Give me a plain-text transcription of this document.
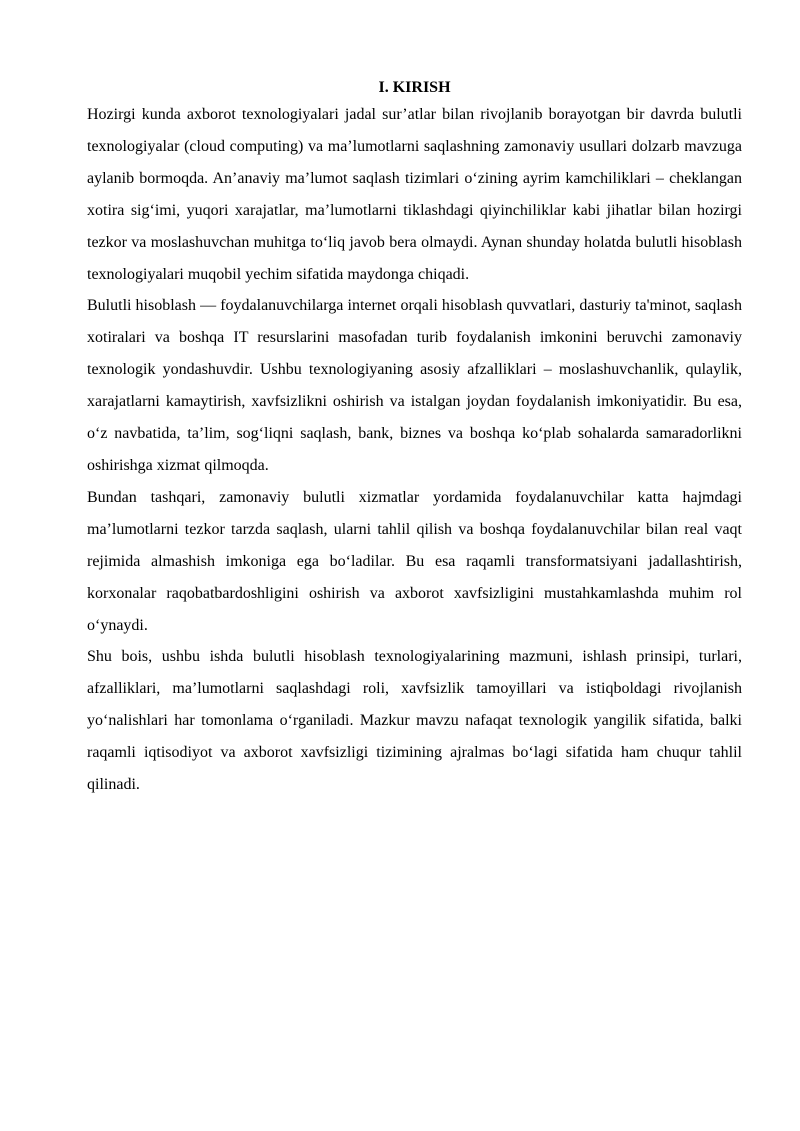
I. KIRISH

Hozirgi kunda axborot texnologiyalari jadal sur’atlar bilan rivojlanib borayotgan bir davrda bulutli texnologiyalar (cloud computing) va ma’lumotlarni saqlashning zamonaviy usullari dolzarb mavzuga aylanib bormoqda. An’anaviy ma’lumot saqlash tizimlari o‘zining ayrim kamchiliklari – cheklangan xotira sig‘imi, yuqori xarajatlar, ma’lumotlarni tiklashdagi qiyinchiliklar kabi jihatlar bilan hozirgi tezkor va moslashuvchan muhitga to‘liq javob bera olmaydi. Aynan shunday holatda bulutli hisoblash texnologiyalari muqobil yechim sifatida maydonga chiqadi.

Bulutli hisoblash — foydalanuvchilarga internet orqali hisoblash quvvatlari, dasturiy ta'minot, saqlash xotiralari va boshqa IT resurslarini masofadan turib foydalanish imkonini beruvchi zamonaviy texnologik yondashuvdir. Ushbu texnologiyaning asosiy afzalliklari – moslashuvchanlik, qulaylik, xarajatlarni kamaytirish, xavfsizlikni oshirish va istalgan joydan foydalanish imkoniyatidir. Bu esa, o‘z navbatida, ta’lim, sog‘liqni saqlash, bank, biznes va boshqa ko‘plab sohalarda samaradorlikni oshirishga xizmat qilmoqda.

Bundan tashqari, zamonaviy bulutli xizmatlar yordamida foydalanuvchilar katta hajmdagi ma’lumotlarni tezkor tarzda saqlash, ularni tahlil qilish va boshqa foydalanuvchilar bilan real vaqt rejimida almashish imkoniga ega bo‘ladilar. Bu esa raqamli transformatsiyani jadallashtirish, korxonalar raqobatbardoshligini oshirish va axborot xavfsizligini mustahkamlashda muhim rol o‘ynaydi.

Shu bois, ushbu ishda bulutli hisoblash texnologiyalarining mazmuni, ishlash prinsipi, turlari, afzalliklari, ma’lumotlarni saqlashdagi roli, xavfsizlik tamoyillari va istiqboldagi rivojlanish yo‘nalishlari har tomonlama o‘rganiladi. Mazkur mavzu nafaqat texnologik yangilik sifatida, balki raqamli iqtisodiyot va axborot xavfsizligi tizimining ajralmas bo‘lagi sifatida ham chuqur tahlil qilinadi.
